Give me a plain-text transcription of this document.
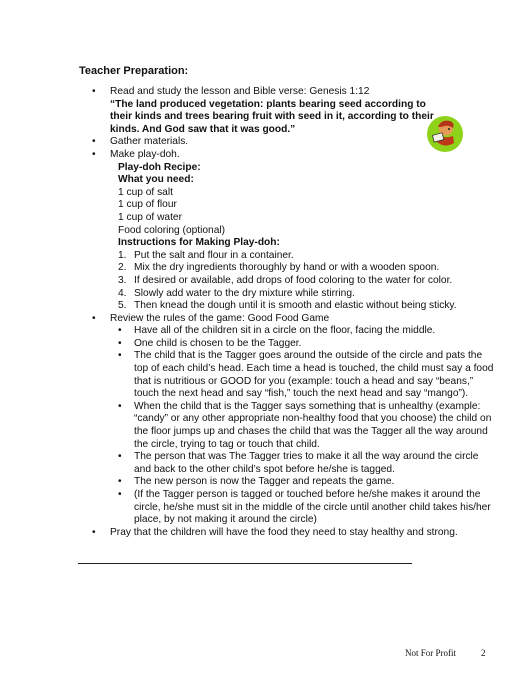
Teacher Preparation:
• Read and study the lesson and Bible verse: Genesis 1:12
“The land produced vegetation: plants bearing seed according to their kinds and trees bearing fruit with seed in it, according to their kinds. And God saw that it was good.”
• Gather materials.
• Make play-doh.
Play-doh Recipe:
What you need:
1 cup of salt
1 cup of flour
1 cup of water
Food coloring (optional)
Instructions for Making Play-doh:
Put the salt and flour in a container.
Mix the dry ingredients thoroughly by hand or with a wooden spoon.
If desired or available, add drops of food coloring to the water for color.
Slowly add water to the dry mixture while stirring.
Then knead the dough until it is smooth and elastic without being sticky.
• Review the rules of the game: Good Food Game
• Have all of the children sit in a circle on the floor, facing the middle.
• One child is chosen to be the Tagger.
• The child that is the Tagger goes around the outside of the circle and pats the top of each child’s head. Each time a head is touched, the child must say a food that is nutritious or GOOD for you (example: touch a head and say “beans,” touch the next head and say “fish,” touch the next head and say “mango”).
• When the child that is the Tagger says something that is unhealthy (example: “candy” or any other appropriate non-healthy food that you choose) the child on the floor jumps up and chases the child that was the Tagger all the way around the circle, trying to tag or touch that child.
• The person that was The Tagger tries to make it all the way around the circle and back to the other child’s spot before he/she is tagged.
• The new person is now the Tagger and repeats the game.
• (If the Tagger person is tagged or touched before he/she makes it around the circle, he/she must sit in the middle of the circle until another child takes his/her place, by not making it around the circle)
• Pray that the children will have the food they need to stay healthy and strong.
Not For Profit	2
